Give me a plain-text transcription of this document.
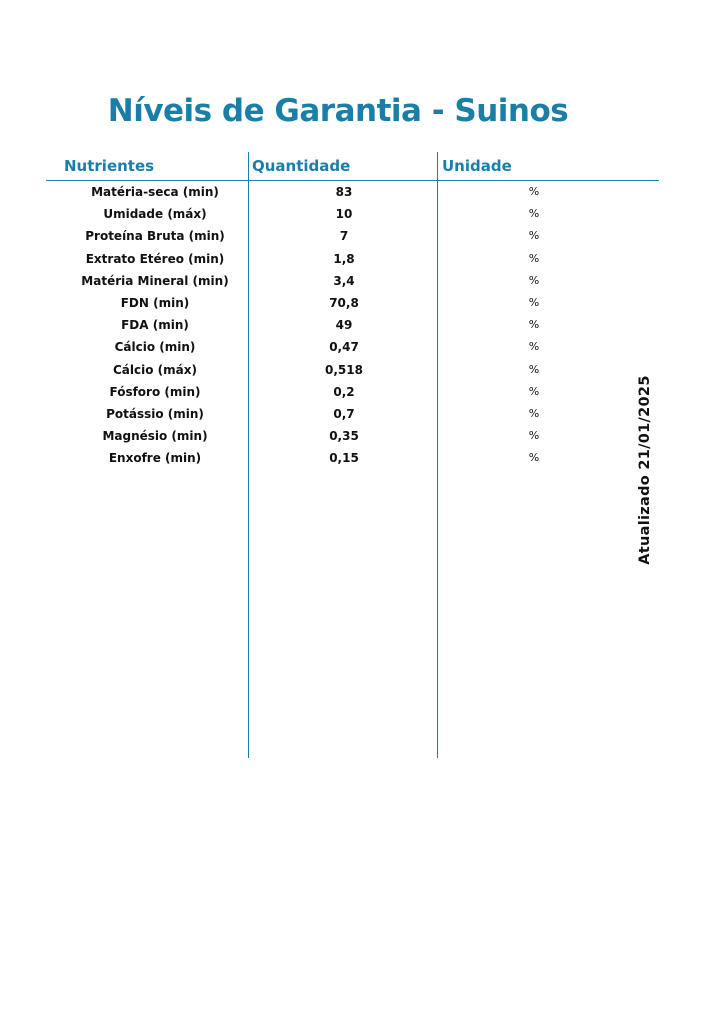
Níveis de Garantia - Suinos
Nutrientes	Quantidade	Unidade
Matéria-seca (min)	83	%
Umidade (máx)	10	%
Proteína Bruta (min)	7	%
Extrato Etéreo (min)	1,8	%
Matéria Mineral (min)	3,4	%
FDN (min)	70,8	%
FDA (min)	49	%
Cálcio (min)	0,47	%
Cálcio (máx)	0,518	%
Fósforo (min)	0,2	%
Potássio (min)	0,7	%
Magnésio (min)	0,35	%
Enxofre (min)	0,15	%	Atualizado 21/01/2025
